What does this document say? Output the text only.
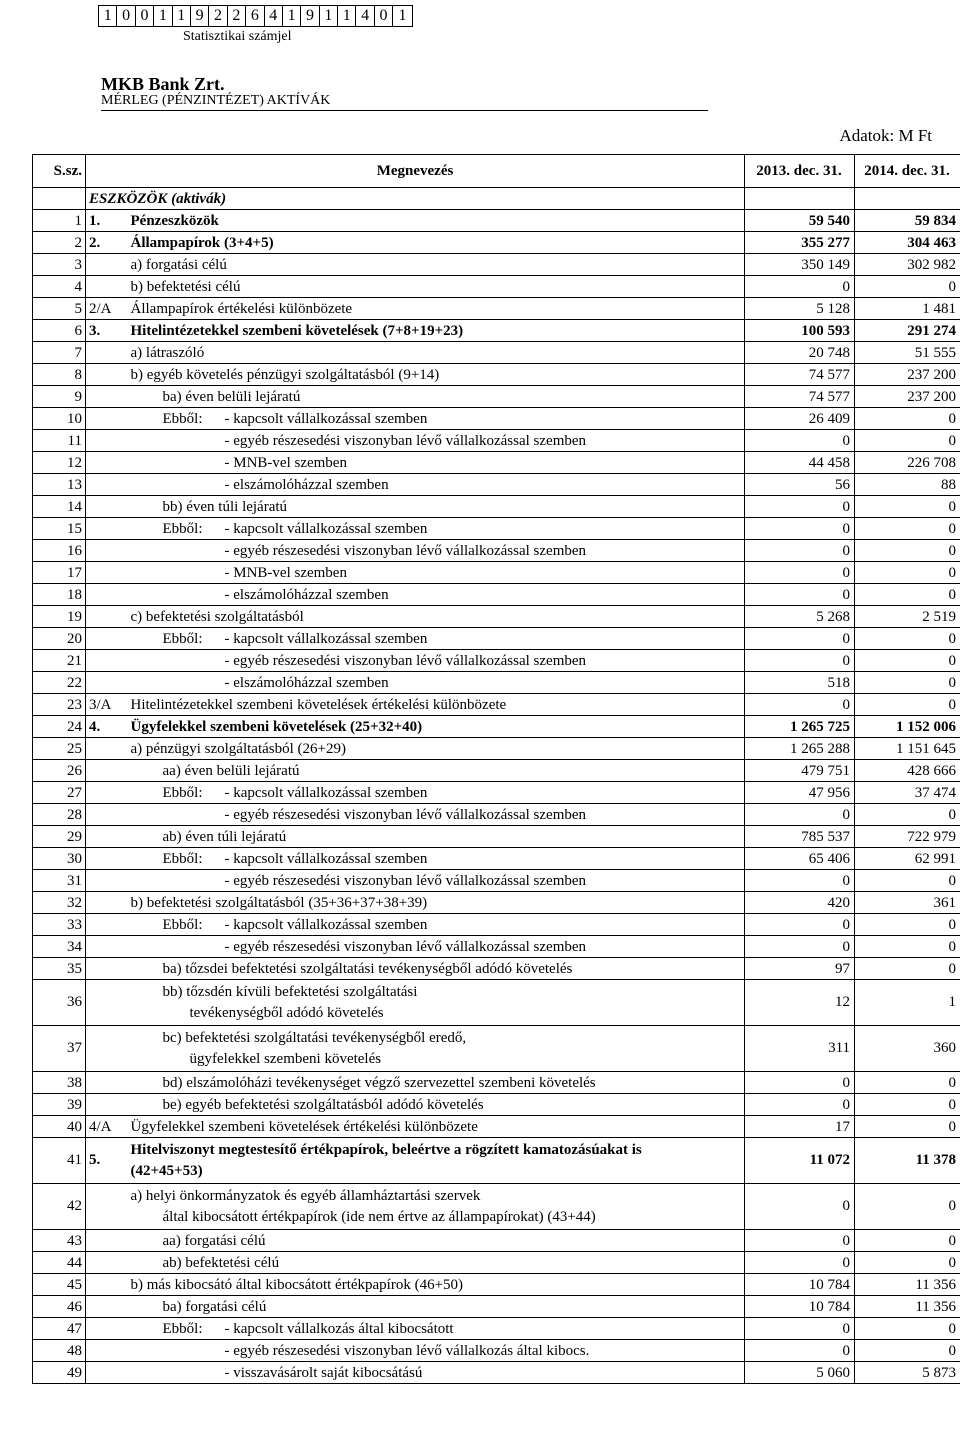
1 0 0 1 1 9 2 2 6 4 1 9 1 1 4 0 1
Statisztikai számjel
MKB Bank Zrt.
MÉRLEG (PÉNZINTÉZET) AKTÍVÁK
Adatok: M Ft
S.sz.	Megnevezés		2013. dec. 31.	2014. dec. 31.
	ESZKÖZÖK (aktivák)			
1	1.	Pénzeszközök	59 540	59 834
2	2.	Állampapírok (3+4+5)	355 277	304 463
3		a) forgatási célú	350 149	302 982
4		b) befektetési célú	0	0
5	2/A	Állampapírok értékelési különbözete	5 128	1 481
6	3.	Hitelintézetekkel szembeni követelések (7+8+19+23)	100 593	291 274
7		a) látraszóló	20 748	51 555
8		b) egyéb követelés pénzügyi szolgáltatásból (9+14)	74 577	237 200
9		ba) éven belüli lejáratú	74 577	237 200
10		Ebből: - kapcsolt vállalkozással szemben	26 409	0
11		- egyéb részesedési viszonyban lévő vállalkozással szemben	0	0
12		- MNB-vel szemben	44 458	226 708
13		- elszámolóházzal szemben	56	88
14		bb) éven túli lejáratú	0	0
15		Ebből: - kapcsolt vállalkozással szemben	0	0
16		- egyéb részesedési viszonyban lévő vállalkozással szemben	0	0
17		- MNB-vel szemben	0	0
18		- elszámolóházzal szemben	0	0
19		c) befektetési szolgáltatásból	5 268	2 519
20		Ebből: - kapcsolt vállalkozással szemben	0	0
21		- egyéb részesedési viszonyban lévő vállalkozással szemben	0	0
22		- elszámolóházzal szemben	518	0
23	3/A	Hitelintézetekkel szembeni követelések értékelési különbözete	0	0
24	4.	Ügyfelekkel szembeni követelések (25+32+40)	1 265 725	1 152 006
25		a) pénzügyi szolgáltatásból (26+29)	1 265 288	1 151 645
26		aa) éven belüli lejáratú	479 751	428 666
27		Ebből: - kapcsolt vállalkozással szemben	47 956	37 474
28		- egyéb részesedési viszonyban lévő vállalkozással szemben	0	0
29		ab) éven túli lejáratú	785 537	722 979
30		Ebből: - kapcsolt vállalkozással szemben	65 406	62 991
31		- egyéb részesedési viszonyban lévő vállalkozással szemben	0	0
32		b) befektetési szolgáltatásból (35+36+37+38+39)	420	361
33		Ebből: - kapcsolt vállalkozással szemben	0	0
34		- egyéb részesedési viszonyban lévő vállalkozással szemben	0	0
35		ba) tőzsdei befektetési szolgáltatási tevékenységből adódó követelés	97	0
36		bb) tőzsdén kívüli befektetési szolgáltatási
tevékenységből adódó követelés	12	1
37		bc) befektetési szolgáltatási tevékenységből eredő,
ügyfelekkel szembeni követelés	311	360
38		bd) elszámolóházi tevékenységet végző szervezettel szembeni követelés	0	0
39		be) egyéb befektetési szolgáltatásból adódó követelés	0	0
40	4/A	Ügyfelekkel szembeni követelések értékelési különbözete	17	0
41	5.	Hitelviszonyt megtestesítő értékpapírok, beleértve a rögzített kamatozásúakat is
(42+45+53)	11 072	11 378
42		a) helyi önkormányzatok és egyéb államháztartási szervek
által kibocsátott értékpapírok (ide nem értve az állampapírokat) (43+44)	0	0
43		aa) forgatási célú	0	0
44		ab) befektetési célú	0	0
45		b) más kibocsátó által kibocsátott értékpapírok (46+50)	10 784	11 356
46		ba) forgatási célú	10 784	11 356
47		Ebből: - kapcsolt vállalkozás által kibocsátott	0	0
48		- egyéb részesedési viszonyban lévő vállalkozás által kibocs.	0	0
49		- visszavásárolt saját kibocsátású	5 060	5 873
